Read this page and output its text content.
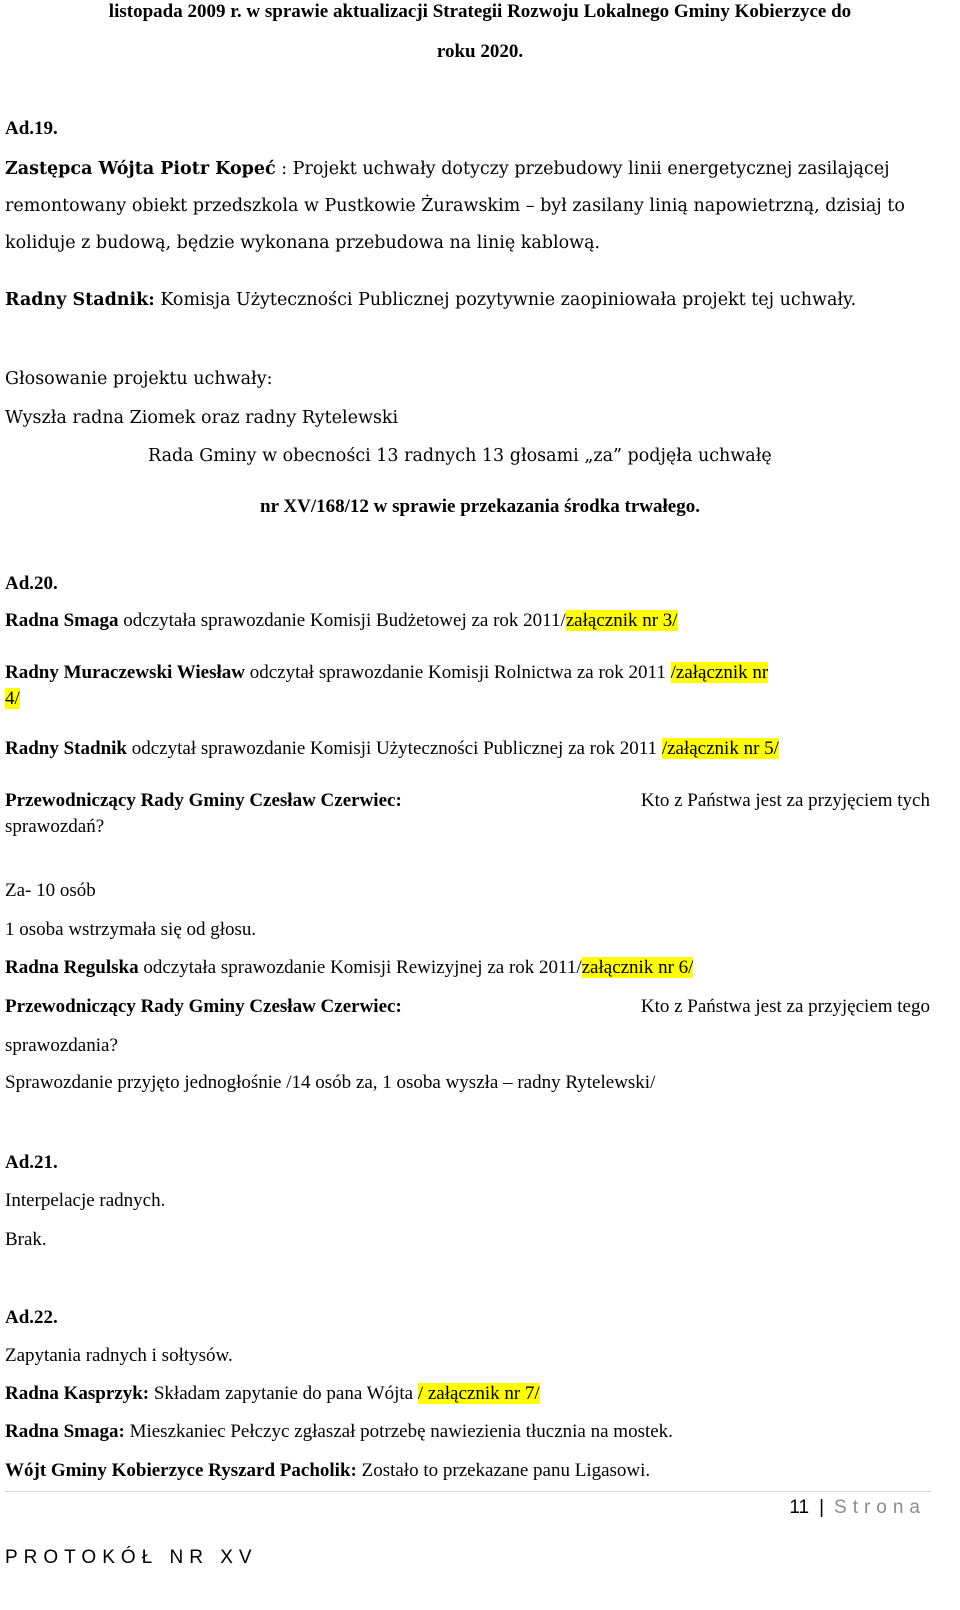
listopada 2009 r. w sprawie aktualizacji Strategii Rozwoju Lokalnego Gminy Kobierzyce do
roku 2020.
Ad.19.
Zastępca Wójta Piotr Kopeć : Projekt uchwały dotyczy przebudowy linii energetycznej zasilającej
remontowany obiekt przedszkola w Pustkowie Żurawskim – był zasilany linią napowietrzną, dzisiaj to
koliduje z budową, będzie wykonana przebudowa na linię kablową.
Radny Stadnik: Komisja Użyteczności Publicznej pozytywnie zaopiniowała projekt tej uchwały.
Głosowanie projektu uchwały:
Wyszła radna Ziomek oraz radny Rytelewski
Rada Gminy w obecności 13 radnych 13 głosami „za” podjęła uchwałę
nr XV/168/12 w sprawie przekazania środka trwałego.
Ad.20.
Radna Smaga odczytała sprawozdanie Komisji Budżetowej za rok 2011/załącznik nr 3/
Radny Muraczewski Wiesław odczytał sprawozdanie Komisji Rolnictwa za rok 2011 /załącznik nr
4/
Radny Stadnik odczytał sprawozdanie Komisji Użyteczności Publicznej za rok 2011 /załącznik nr 5/
Przewodniczący Rady Gminy Czesław Czerwiec:	Kto z Państwa jest za przyjęciem tych
sprawozdań?
Za- 10 osób
1 osoba wstrzymała się od głosu.
Radna Regulska odczytała sprawozdanie Komisji Rewizyjnej za rok 2011/załącznik nr 6/
Przewodniczący Rady Gminy Czesław Czerwiec:	Kto z Państwa jest za przyjęciem tego
sprawozdania?
Sprawozdanie przyjęto jednogłośnie /14 osób za, 1 osoba wyszła – radny Rytelewski/
Ad.21.
Interpelacje radnych.
Brak.
Ad.22.
Zapytania radnych i sołtysów.
Radna Kasprzyk: Składam zapytanie do pana Wójta / załącznik nr 7/
Radna Smaga: Mieszkaniec Pełczyc zgłaszał potrzebę nawiezienia tłucznia na mostek.
Wójt Gminy Kobierzyce Ryszard Pacholik: Zostało to przekazane panu Ligasowi.
11 | Strona
PROTOKÓŁ NR XV
